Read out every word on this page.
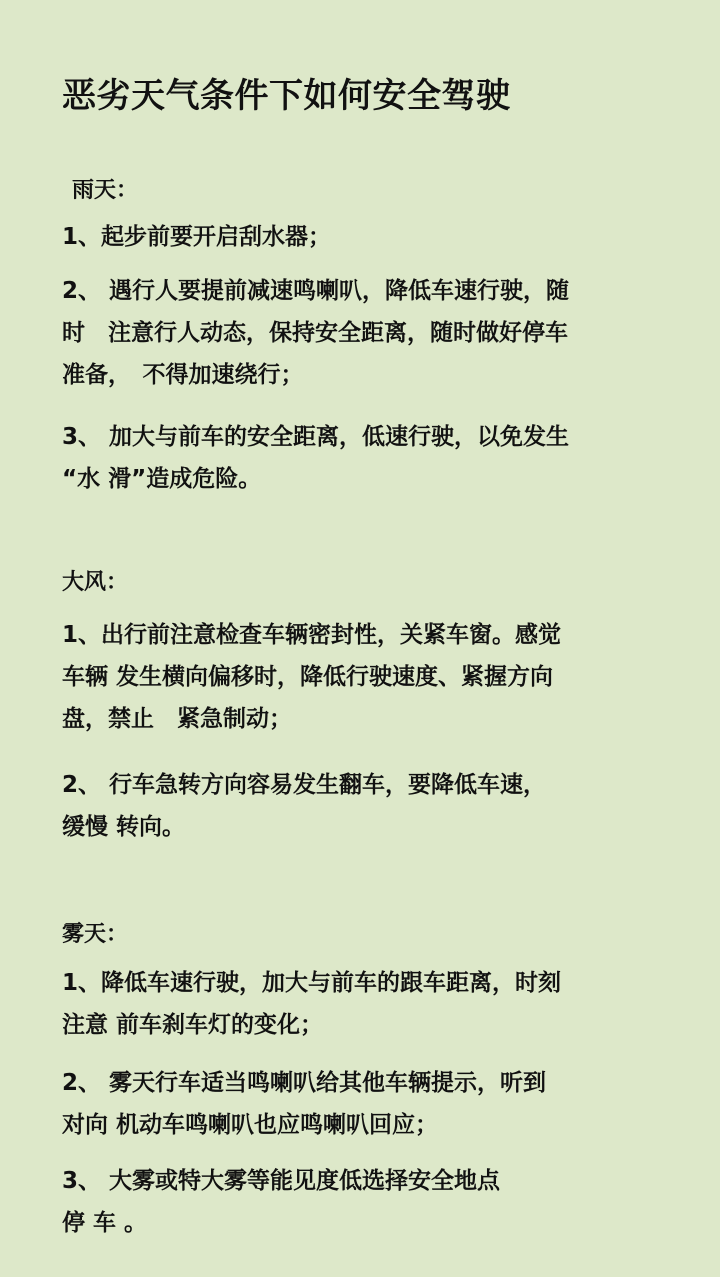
恶劣天气条件下如何安全驾驶
雨天：
1、起步前要开启刮水器；
2、 遇行人要提前减速鸣喇叭，降低车速行驶，随
时　注意行人动态，保持安全距离，随时做好停车
准备，　不得加速绕行；
3、 加大与前车的安全距离，低速行驶，以免发生
“水 滑”造成危险。
大风：
1、出行前注意检查车辆密封性，关紧车窗。感觉
车辆 发生横向偏移时，降低行驶速度、紧握方向
盘，禁止　紧急制动；
2、 行车急转方向容易发生翻车，要降低车速，
缓慢 转向。
雾天：
1、降低车速行驶，加大与前车的跟车距离，时刻
注意 前车刹车灯的变化；
2、 雾天行车适当鸣喇叭给其他车辆提示，听到
对向 机动车鸣喇叭也应鸣喇叭回应；
3、 大雾或特大雾等能见度低选择安全地点
停 车 。
